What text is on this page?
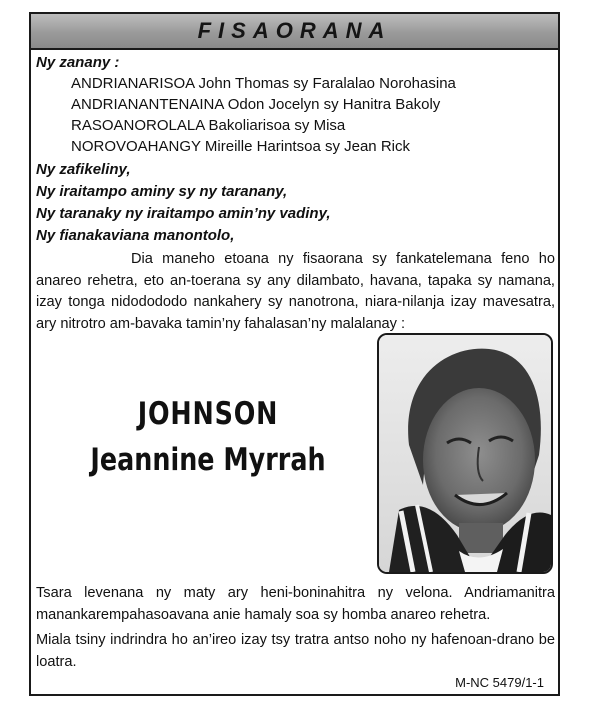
FISAORANA
Ny zanany :
ANDRIANARISOA John Thomas sy Faralalao Norohasina
ANDRIANANTENAINA Odon Jocelyn sy Hanitra Bakoly
RASOANOROLALA Bakoliarisoa sy Misa
NOROVOAHANGY Mireille Harintsoa sy Jean Rick
Ny zafikeliny,
Ny iraitampo aminy sy ny taranany,
Ny taranaky ny iraitampo amin’ny vadiny,
Ny fianakaviana manontolo,
Dia maneho etoana ny fisaorana sy fankatelemana feno ho anareo rehetra, eto an-toerana sy any dilambato, havana, tapaka sy namana, izay tonga nidodododo nankahery sy nanotrona, niara-nilanja izay mavesatra, ary nitrotro am-bavaka tamin’ny fahalasan’ny malalanay :
JOHNSON
Jeannine Myrrah
Tsara levenana ny maty ary heni-boninahitra ny velona. Andriamanitra manankarempahasoavana anie hamaly soa sy homba anareo rehetra.
Miala tsiny indrindra ho an’ireo izay tsy tratra antso noho ny hafenoan-drano be loatra.
M-NC 5479/1-1
